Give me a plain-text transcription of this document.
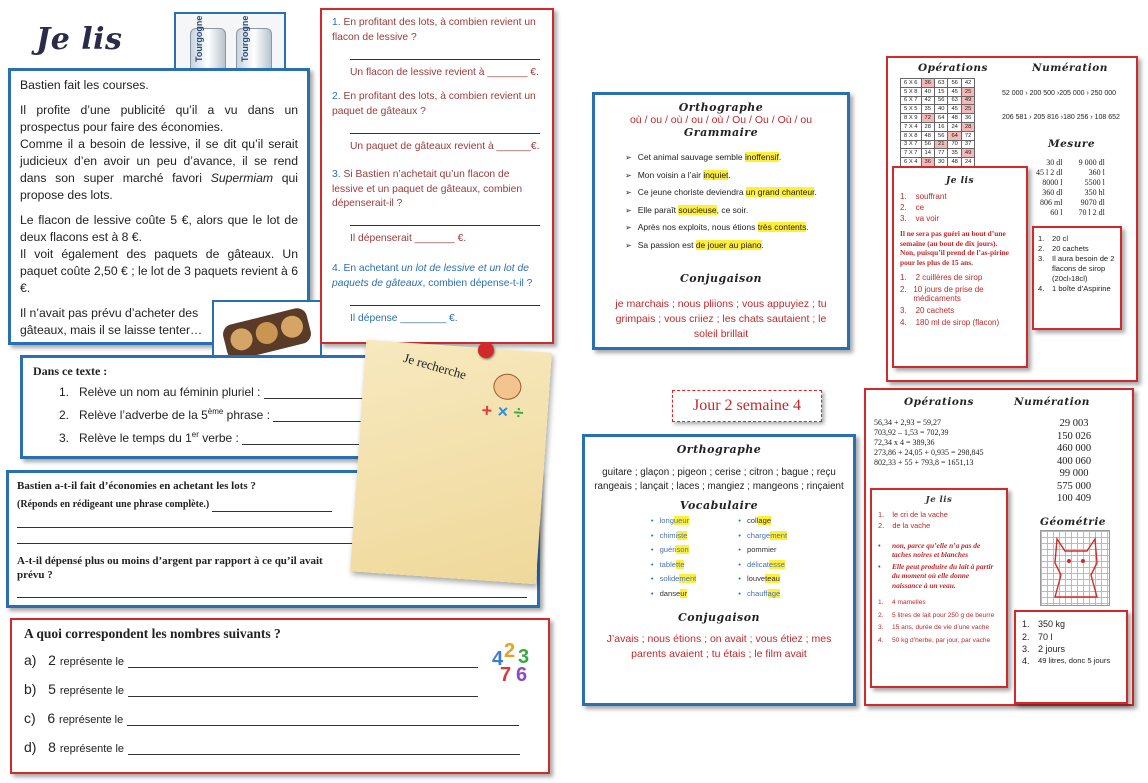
Je lis	Tourgogne	Tourgogne

Bastien fait les courses.

Il profite d’une publicité qu’il a vu dans un prospectus pour faire des économies.

Comme il a besoin de lessive, il se dit qu’il serait judicieux d’en avoir un peu d’avance, il se rend dans son super marché favori Supermiam qui propose des lots.

Le flacon de lessive coûte 5 €, alors que le lot de deux flacons est à 8 €.

Il voit également des paquets de gâteaux. Un paquet coûte 2,50 € ; le lot de 3 paquets revient à 6 €.

Il n’avait pas prévu d’acheter des gâteaux, mais il se laisse tenter…

1. En profitant des lots, à combien revient un flacon de lessive ?
Un flacon de lessive revient à _______ €.
2. En profitant des lots, à combien revient un paquet de gâteaux ?
Un paquet de gâteaux revient à ______€.
3. Si Bastien n’achetait qu’un flacon de lessive et un paquet de gâteaux, combien dépenserait-il ?
Il dépenserait _______ €.
4. En achetant un lot de lessive et un lot de paquets de gâteaux, combien dépense-t-il ?
Il dépense ________ €.
Dans ce texte :
1.   Relève un nom au féminin pluriel :
2.   Relève l’adverbe de la 5ème phrase :
3.   Relève le temps du 1er verbe :
Bastien a-t-il fait d’économies en achetant les lots ?
(Réponds en rédigeant une phrase complète.)
A-t-il dépensé plus ou moins d’argent par rapport à ce qu’il avait prévu ?
Je recherche
+ × ÷
A quoi correspondent les nombres suivants ?
a) 2 représente le
b) 5 représente le
c) 6 représente le
d) 8 représente le
4 2 3
7 6
Orthographe
où / ou / où / ou / où / Ou / Ou / Où / ou
Grammaire
➢ Cet animal sauvage semble inoffensif.
➢ Mon voisin a l’air inquiet.
➢ Ce jeune choriste deviendra un grand chanteur.
➢ Elle paraît soucieuse, ce soir.
➢ Après nos exploits, nous étions très contents.
➢ Sa passion est de jouer au piano.
Conjugaison
je marchais ; nous pliions ; vous appuyiez ; tu grimpais ; vous criiez ; les chats sautaient ; le soleil brillait
Opérations	Numération
6 X 6	36	63	56	42
5 X 8	40	15	45	25
6 X 7	42	56	63	49
5 X 5	35	40	45	25
8 X 9	72	64	48	36
7 X 4	28	16	24	28
8 X 8	48	56	64	72
3 X 7	56	21	70	37
7 X 7	14	77	35	49
6 X 4	36	30	48	24
52 000 › 200 500 ›205 000 › 250 000
206 581 › 205 816 ›180 256 › 108 652
Mesure
30 dl	9 000 dl
45 l 2 dl	360 l
8000 l	5500 l
360 dl	350 hl
806 ml	9070 dl
60 l	70 l 2 dl
Je lis
1.    souffrant
2.    ce
3.    va voir
Il ne sera pas guéri au bout d’une semaine (au bout de dix jours).
Non, puisqu’il prend de l’as-pirine pour les plus de 15 ans.
1.    2 cuillères de sirop
2. 10 jours de prise de médicaments
3.    20 cachets
4.    180 ml de sirop (flacon)
1.	20 cl
2.	20 cachets
3.	Il aura besoin de 2 flacons de sirop (20cl›18cl)
4.	1 boîte d’Aspirine
Jour 2 semaine 4
Orthographe
guitare ; glaçon ; pigeon ; cerise ; citron ; bague ; reçu rangeais ; lançait ; laces ; mangiez ; mangeons ; rinçaient
Vocabulaire
• longueur
• chimiste
• guérison
• tablette
• solidement
• danseur
• collage
• chargement
• pommier
• délicatesse
• louveteau
• chauffage
Conjugaison
J’avais ; nous étions ; on avait ; vous étiez ; mes parents avaient ; tu étais ; le film avait
Opérations	Numération
56,34 + 2,93 = 59,27
703,92 – 1,53 = 702,39
72,34 x 4 = 389,36
273,86 + 24,05 + 0,935 = 298,845
802,33 + 55 + 793,8 = 1651,13
29 003
150 026
460 000
400 060
99 000
575 000
100 409
Géométrie
Je lis
1.    le cri de la vache
2.    de la vache
•	non, parce qu’elle n’a pas de taches noires et blanches
•	Elle peut produire du lait à partir du moment où elle donne naissance à un veau.
1.	4 mamelles
2.	5 litres de lait pour 250 g de beurre
3.	15 ans, durée de vie d’une vache
4.	50 kg d’herbe, par jour, par vache
1. 350 kg
2. 70 l
3. 2 jours
4.	49 litres, donc 5 jours
